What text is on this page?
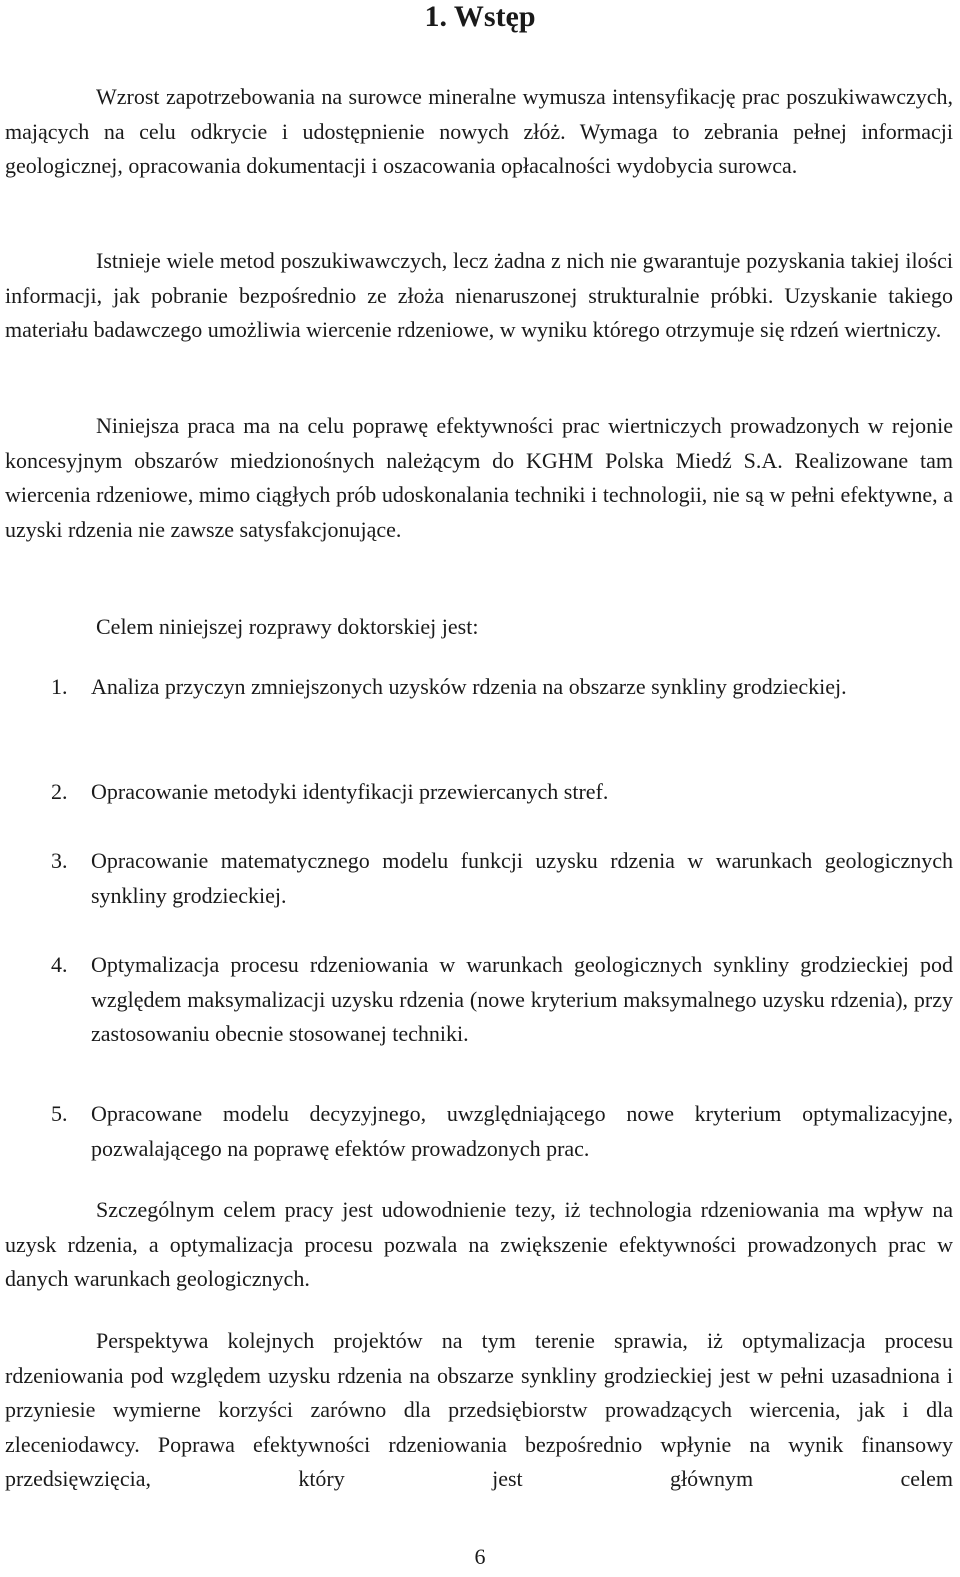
1. Wstęp

Wzrost zapotrzebowania na surowce mineralne wymusza intensyfikację prac poszukiwawczych, mających na celu odkrycie i udostępnienie nowych złóż. Wymaga to zebrania pełnej informacji geologicznej, opracowania dokumentacji i oszacowania opłacalności wydobycia surowca.

Istnieje wiele metod poszukiwawczych, lecz żadna z nich nie gwarantuje pozyskania takiej ilości informacji, jak pobranie bezpośrednio ze złoża nienaruszonej strukturalnie próbki. Uzyskanie takiego materiału badawczego umożliwia wiercenie rdzeniowe, w wyniku którego otrzymuje się rdzeń wiertniczy.

Niniejsza praca ma na celu poprawę efektywności prac wiertniczych prowadzonych w rejonie koncesyjnym obszarów miedzionośnych należącym do KGHM Polska Miedź S.A. Realizowane tam wiercenia rdzeniowe, mimo ciągłych prób udoskonalania techniki i technologii, nie są w pełni efektywne, a uzyski rdzenia nie zawsze satysfakcjonujące.

Celem niniejszej rozprawy doktorskiej jest:

1.	Analiza przyczyn zmniejszonych uzysków rdzenia na obszarze synkliny grodzieckiej.

2.	Opracowanie metodyki identyfikacji przewiercanych stref.

3.	Opracowanie matematycznego modelu funkcji uzysku rdzenia w warunkach geologicznych synkliny grodzieckiej.

4.	Optymalizacja procesu rdzeniowania w warunkach geologicznych synkliny grodzieckiej pod względem maksymalizacji uzysku rdzenia (nowe kryterium maksymalnego uzysku rdzenia), przy zastosowaniu obecnie stosowanej techniki.

5.	Opracowane modelu decyzyjnego, uwzględniającego nowe kryterium optymalizacyjne, pozwalającego na poprawę efektów prowadzonych prac.

Szczególnym celem pracy jest udowodnienie tezy, iż technologia rdzeniowania ma wpływ na uzysk rdzenia, a optymalizacja procesu pozwala na zwiększenie efektywności prowadzonych prac w danych warunkach geologicznych.

Perspektywa kolejnych projektów na tym terenie sprawia, iż optymalizacja procesu rdzeniowania pod względem uzysku rdzenia na obszarze synkliny grodzieckiej jest w pełni uzasadniona i przyniesie wymierne korzyści zarówno dla przedsiębiorstw prowadzących wiercenia, jak i dla zleceniodawcy. Poprawa efektywności rdzeniowania bezpośrednio wpłynie na wynik finansowy przedsięwzięcia, który jest głównym celem

6
